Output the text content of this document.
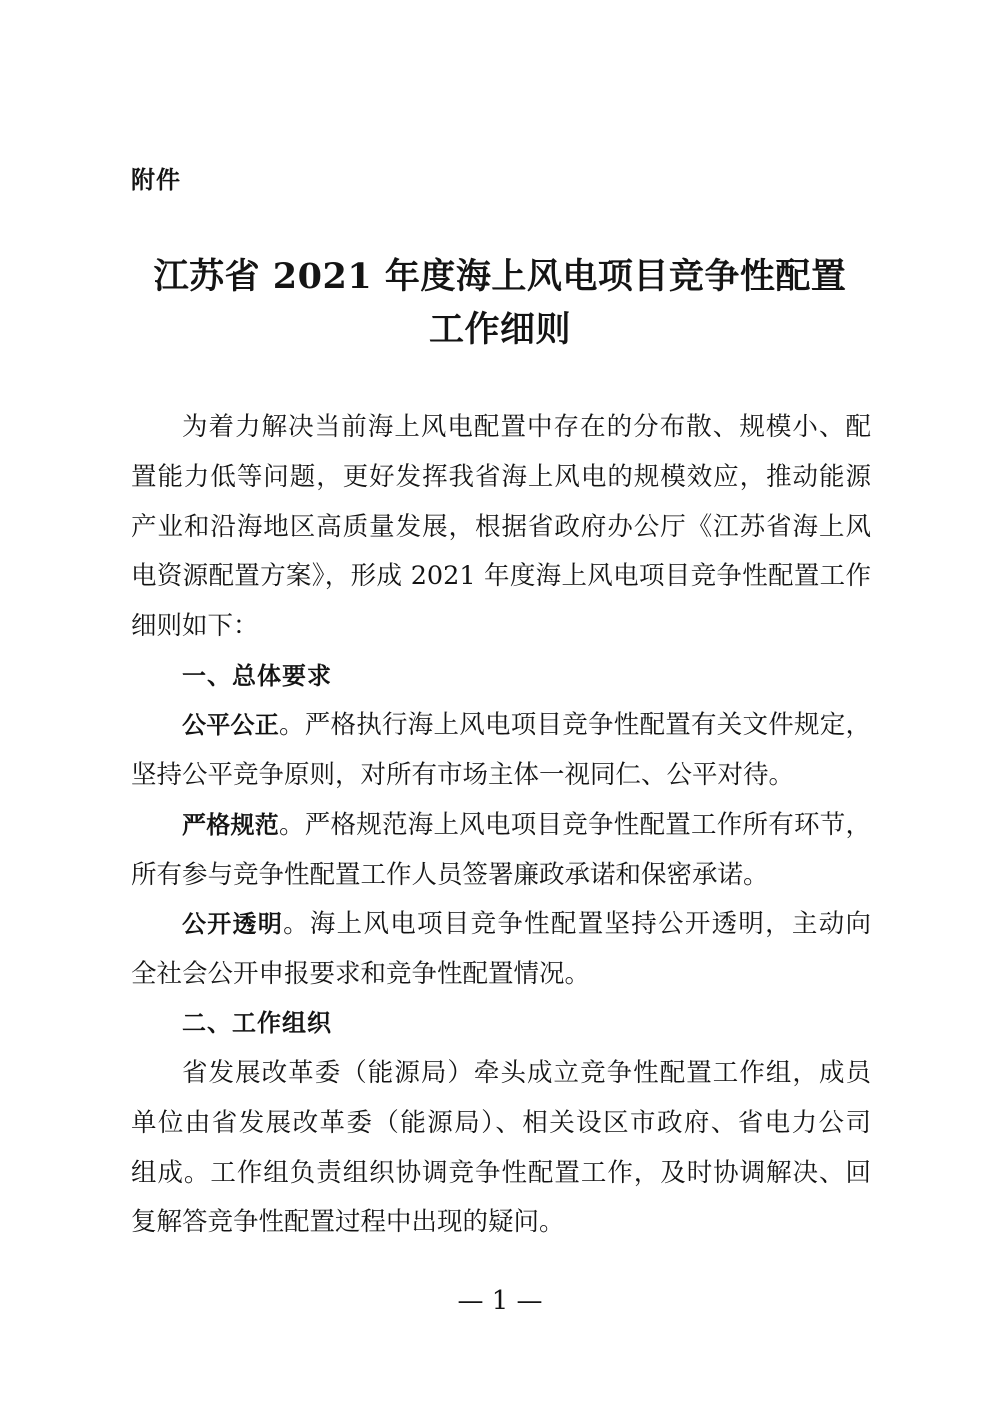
附件
江苏省 2021 年度海上风电项目竞争性配置
工作细则
为着力解决当前海上风电配置中存在的分布散、规模小、配
置能力低等问题，更好发挥我省海上风电的规模效应，推动能源
产业和沿海地区高质量发展，根据省政府办公厅《江苏省海上风
电资源配置方案》，形成 2021 年度海上风电项目竞争性配置工作
细则如下：
一、总体要求
公平公正。严格执行海上风电项目竞争性配置有关文件规定，
坚持公平竞争原则，对所有市场主体一视同仁、公平对待。
严格规范。严格规范海上风电项目竞争性配置工作所有环节，
所有参与竞争性配置工作人员签署廉政承诺和保密承诺。
公开透明。海上风电项目竞争性配置坚持公开透明，主动向
全社会公开申报要求和竞争性配置情况。
二、工作组织
省发展改革委（能源局）牵头成立竞争性配置工作组，成员
单位由省发展改革委（能源局）、相关设区市政府、省电力公司
组成。工作组负责组织协调竞争性配置工作，及时协调解决、回
复解答竞争性配置过程中出现的疑问。
— 1 —
